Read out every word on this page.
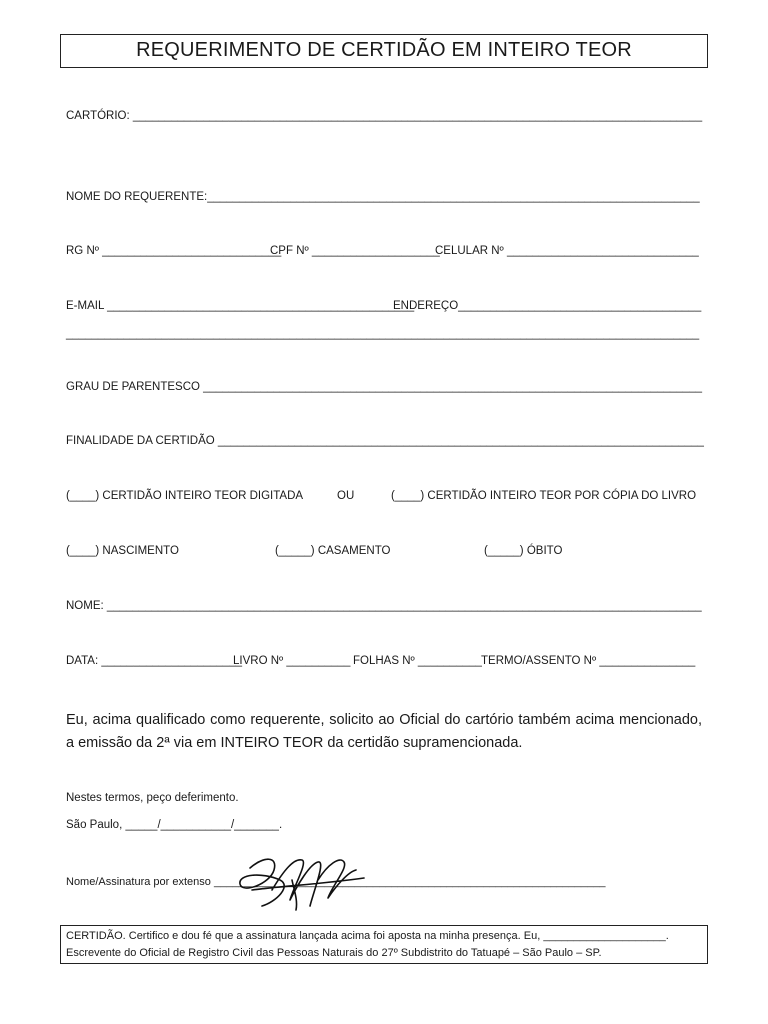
REQUERIMENTO DE CERTIDÃO EM INTEIRO TEOR
CARTÓRIO: _________________________________________________________________________________________
NOME DO REQUERENTE:_____________________________________________________________________________
RG Nº ____________________________
CPF Nº ____________________
CELULAR Nº ______________________________
E-MAIL ________________________________________________
ENDEREÇO______________________________________
___________________________________________________________________________________________________
GRAU DE PARENTESCO ______________________________________________________________________________
FINALIDADE DA CERTIDÃO ____________________________________________________________________________
(____) CERTIDÃO INTEIRO TEOR DIGITADA	OU	(____) CERTIDÃO INTEIRO TEOR POR CÓPIA DO LIVRO
(____) NASCIMENTO	(_____) CASAMENTO	(_____) ÓBITO
NOME: _____________________________________________________________________________________________
DATA: ______________________
LIVRO Nº __________ FOLHAS Nº __________ TERMO/ASSENTO Nº _______________
Eu, acima qualificado como requerente, solicito ao Oficial do cartório também acima mencionado, a emissão da 2ª via em INTEIRO TEOR da certidão supramencionada.
Nestes termos, peço deferimento.
São Paulo, _____/___________/_______.
Nome/Assinatura por extenso ________________________________________________________________
CERTIDÃO. Certifico e dou fé que a assinatura lançada acima foi aposta na minha presença. Eu, ____________________.
Escrevente do Oficial de Registro Civil das Pessoas Naturais do 27º Subdistrito do Tatuapé – São Paulo – SP.
